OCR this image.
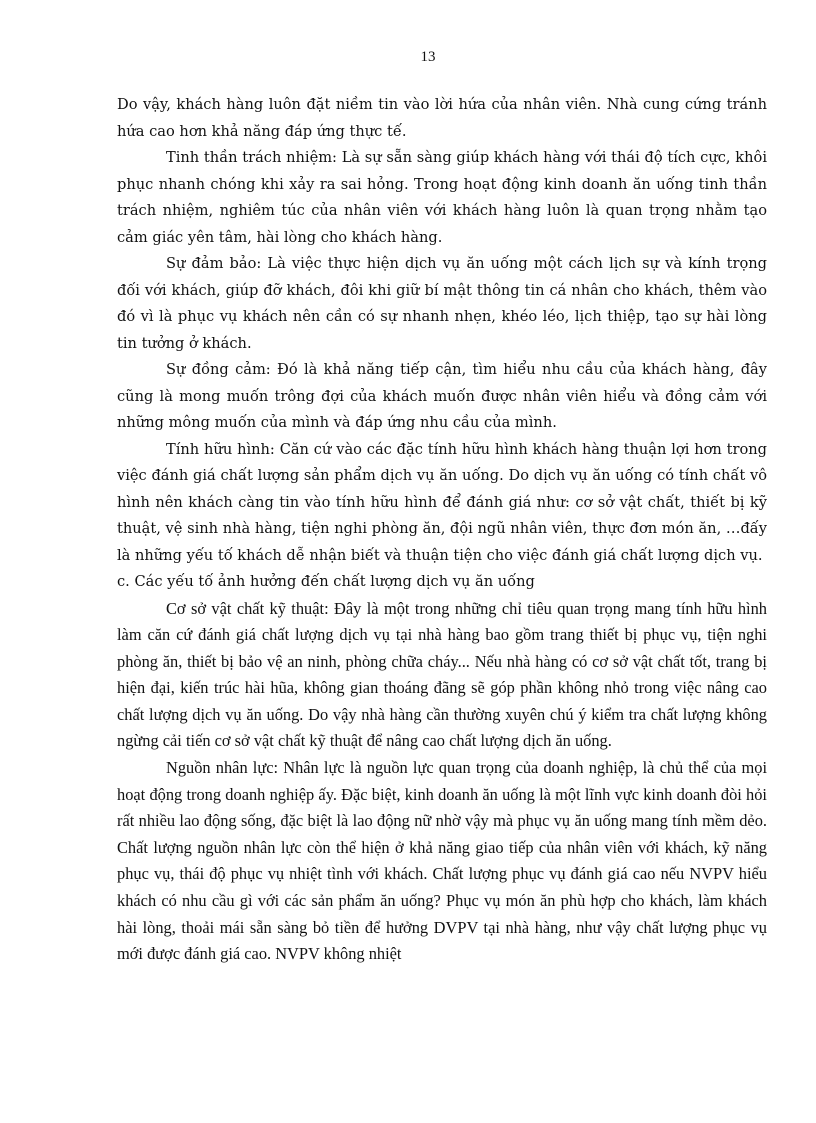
13

Do vậy, khách hàng luôn đặt niềm tin vào lời hứa của nhân viên. Nhà cung cứng tránh hứa cao hơn khả năng đáp ứng thực tế.

Tinh thần trách nhiệm: Là sự sẵn sàng giúp khách hàng với thái độ tích cực, khôi phục nhanh chóng khi xảy ra sai hỏng. Trong hoạt động kinh doanh ăn uống tinh thần trách nhiệm, nghiêm túc của nhân viên với khách hàng luôn là quan trọng nhằm tạo cảm giác yên tâm, hài lòng cho khách hàng.

Sự đảm bảo: Là việc thực hiện dịch vụ ăn uống một cách lịch sự và kính trọng đối với khách, giúp đỡ khách, đôi khi giữ bí mật thông tin cá nhân cho khách, thêm vào đó vì là phục vụ khách nên cần có sự nhanh nhẹn, khéo léo, lịch thiệp, tạo sự hài lòng tin tưởng ở khách.

Sự đồng cảm: Đó là khả năng tiếp cận, tìm hiểu nhu cầu của khách hàng, đây cũng là mong muốn trông đợi của khách muốn được nhân viên hiểu và đồng cảm với những mông muốn của mình và đáp ứng nhu cầu của mình.

Tính hữu hình: Căn cứ vào các đặc tính hữu hình khách hàng thuận lợi hơn trong việc đánh giá chất lượng sản phẩm dịch vụ ăn uống. Do dịch vụ ăn uống có tính chất vô hình nên khách càng tin vào tính hữu hình để đánh giá như: cơ sở vật chất, thiết bị kỹ thuật, vệ sinh nhà hàng, tiện nghi phòng ăn, đội ngũ nhân viên, thực đơn món ăn, …đấy là những yếu tố khách dễ nhận biết và thuận tiện cho việc đánh giá chất lượng dịch vụ.

c. Các yếu tố ảnh hưởng đến chất lượng dịch vụ ăn uống

Cơ sở vật chất kỹ thuật: Đây là một trong những chỉ tiêu quan trọng mang tính hữu hình làm căn cứ đánh giá chất lượng dịch vụ tại nhà hàng bao gồm trang thiết bị phục vụ, tiện nghi phòng ăn, thiết bị bảo vệ an ninh, phòng chữa cháy... Nếu nhà hàng có cơ sở vật chất tốt, trang bị hiện đại, kiến trúc hài hũa, không gian thoáng đãng sẽ góp phần không nhỏ trong việc nâng cao chất lượng dịch vụ ăn uống. Do vậy nhà hàng cần thường xuyên chú ý kiểm tra chất lượng không ngừng cải tiến cơ sở vật chất kỹ thuật để nâng cao chất lượng dịch ăn uống.

Nguồn nhân lực: Nhân lực là nguồn lực quan trọng của doanh nghiệp, là chủ thể của mọi hoạt động trong doanh nghiệp ấy. Đặc biệt, kinh doanh ăn uống là một lĩnh vực kinh doanh đòi hỏi rất nhiều lao động sống, đặc biệt là lao động nữ nhờ vậy mà phục vụ ăn uống mang tính mềm dẻo. Chất lượng nguồn nhân lực còn thể hiện ở khả năng giao tiếp của nhân viên với khách, kỹ năng phục vụ, thái độ phục vụ nhiệt tình với khách. Chất lượng phục vụ đánh giá cao nếu NVPV hiểu khách có nhu cầu gì với các sản phẩm ăn uống? Phục vụ món ăn phù hợp cho khách, làm khách hài lòng, thoải mái sẵn sàng bỏ tiền để hưởng DVPV tại nhà hàng, như vậy chất lượng phục vụ mới được đánh giá cao. NVPV không nhiệt
